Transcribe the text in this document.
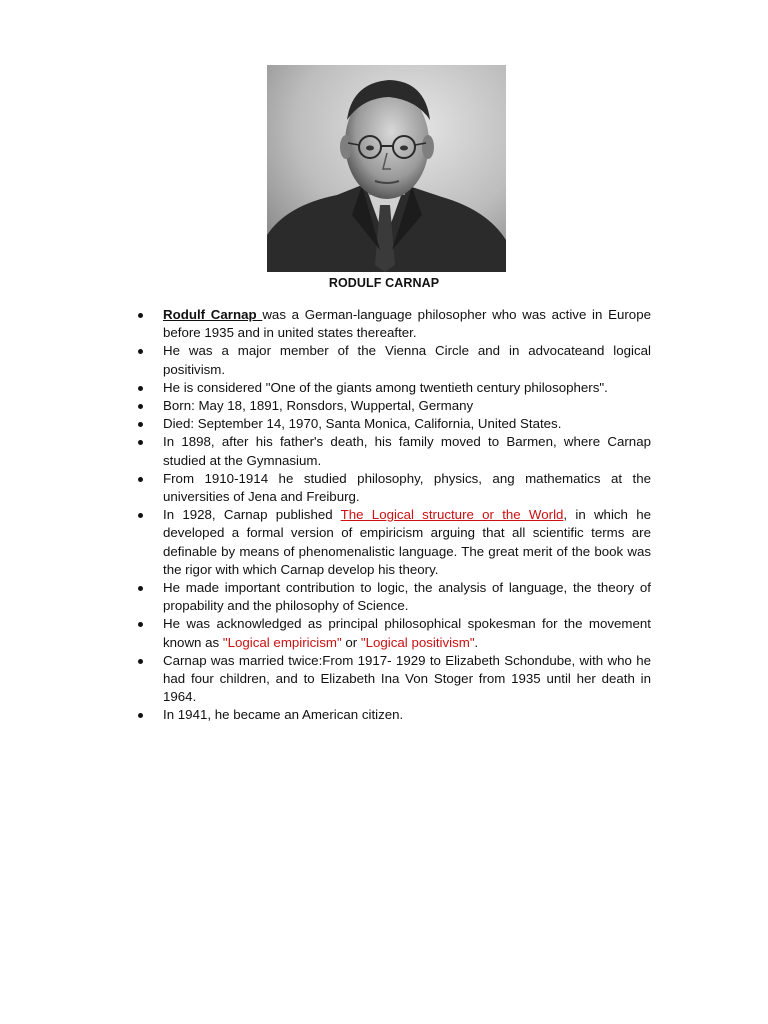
RODULF CARNAP
Rodulf Carnap was a German-language philosopher who was active in Europe before 1935 and in united states thereafter.
He was a major member of the Vienna Circle and in advocateand logical positivism.
He is considered "One of the giants among twentieth century philosophers".
Born: May 18, 1891, Ronsdors, Wuppertal, Germany
Died: September 14, 1970, Santa Monica, California, United States.
In 1898, after his father's death, his family moved to Barmen, where Carnap studied at the Gymnasium.
From 1910-1914 he studied philosophy, physics, ang mathematics at the universities of Jena and Freiburg.
In 1928, Carnap published The Logical structure or the World, in which he developed a formal version of empiricism arguing that all scientific terms are definable by means of phenomenalistic language. The great merit of the book was the rigor with which Carnap develop his theory.
He made important contribution to logic, the analysis of language, the theory of propability and the philosophy of Science.
He was acknowledged as principal philosophical spokesman for the movement known as "Logical empiricism" or "Logical positivism".
Carnap was married twice:From 1917- 1929 to Elizabeth Schondube, with who he had four children, and to Elizabeth Ina Von Stoger from 1935 until her death in 1964.
In 1941, he became an American citizen.
